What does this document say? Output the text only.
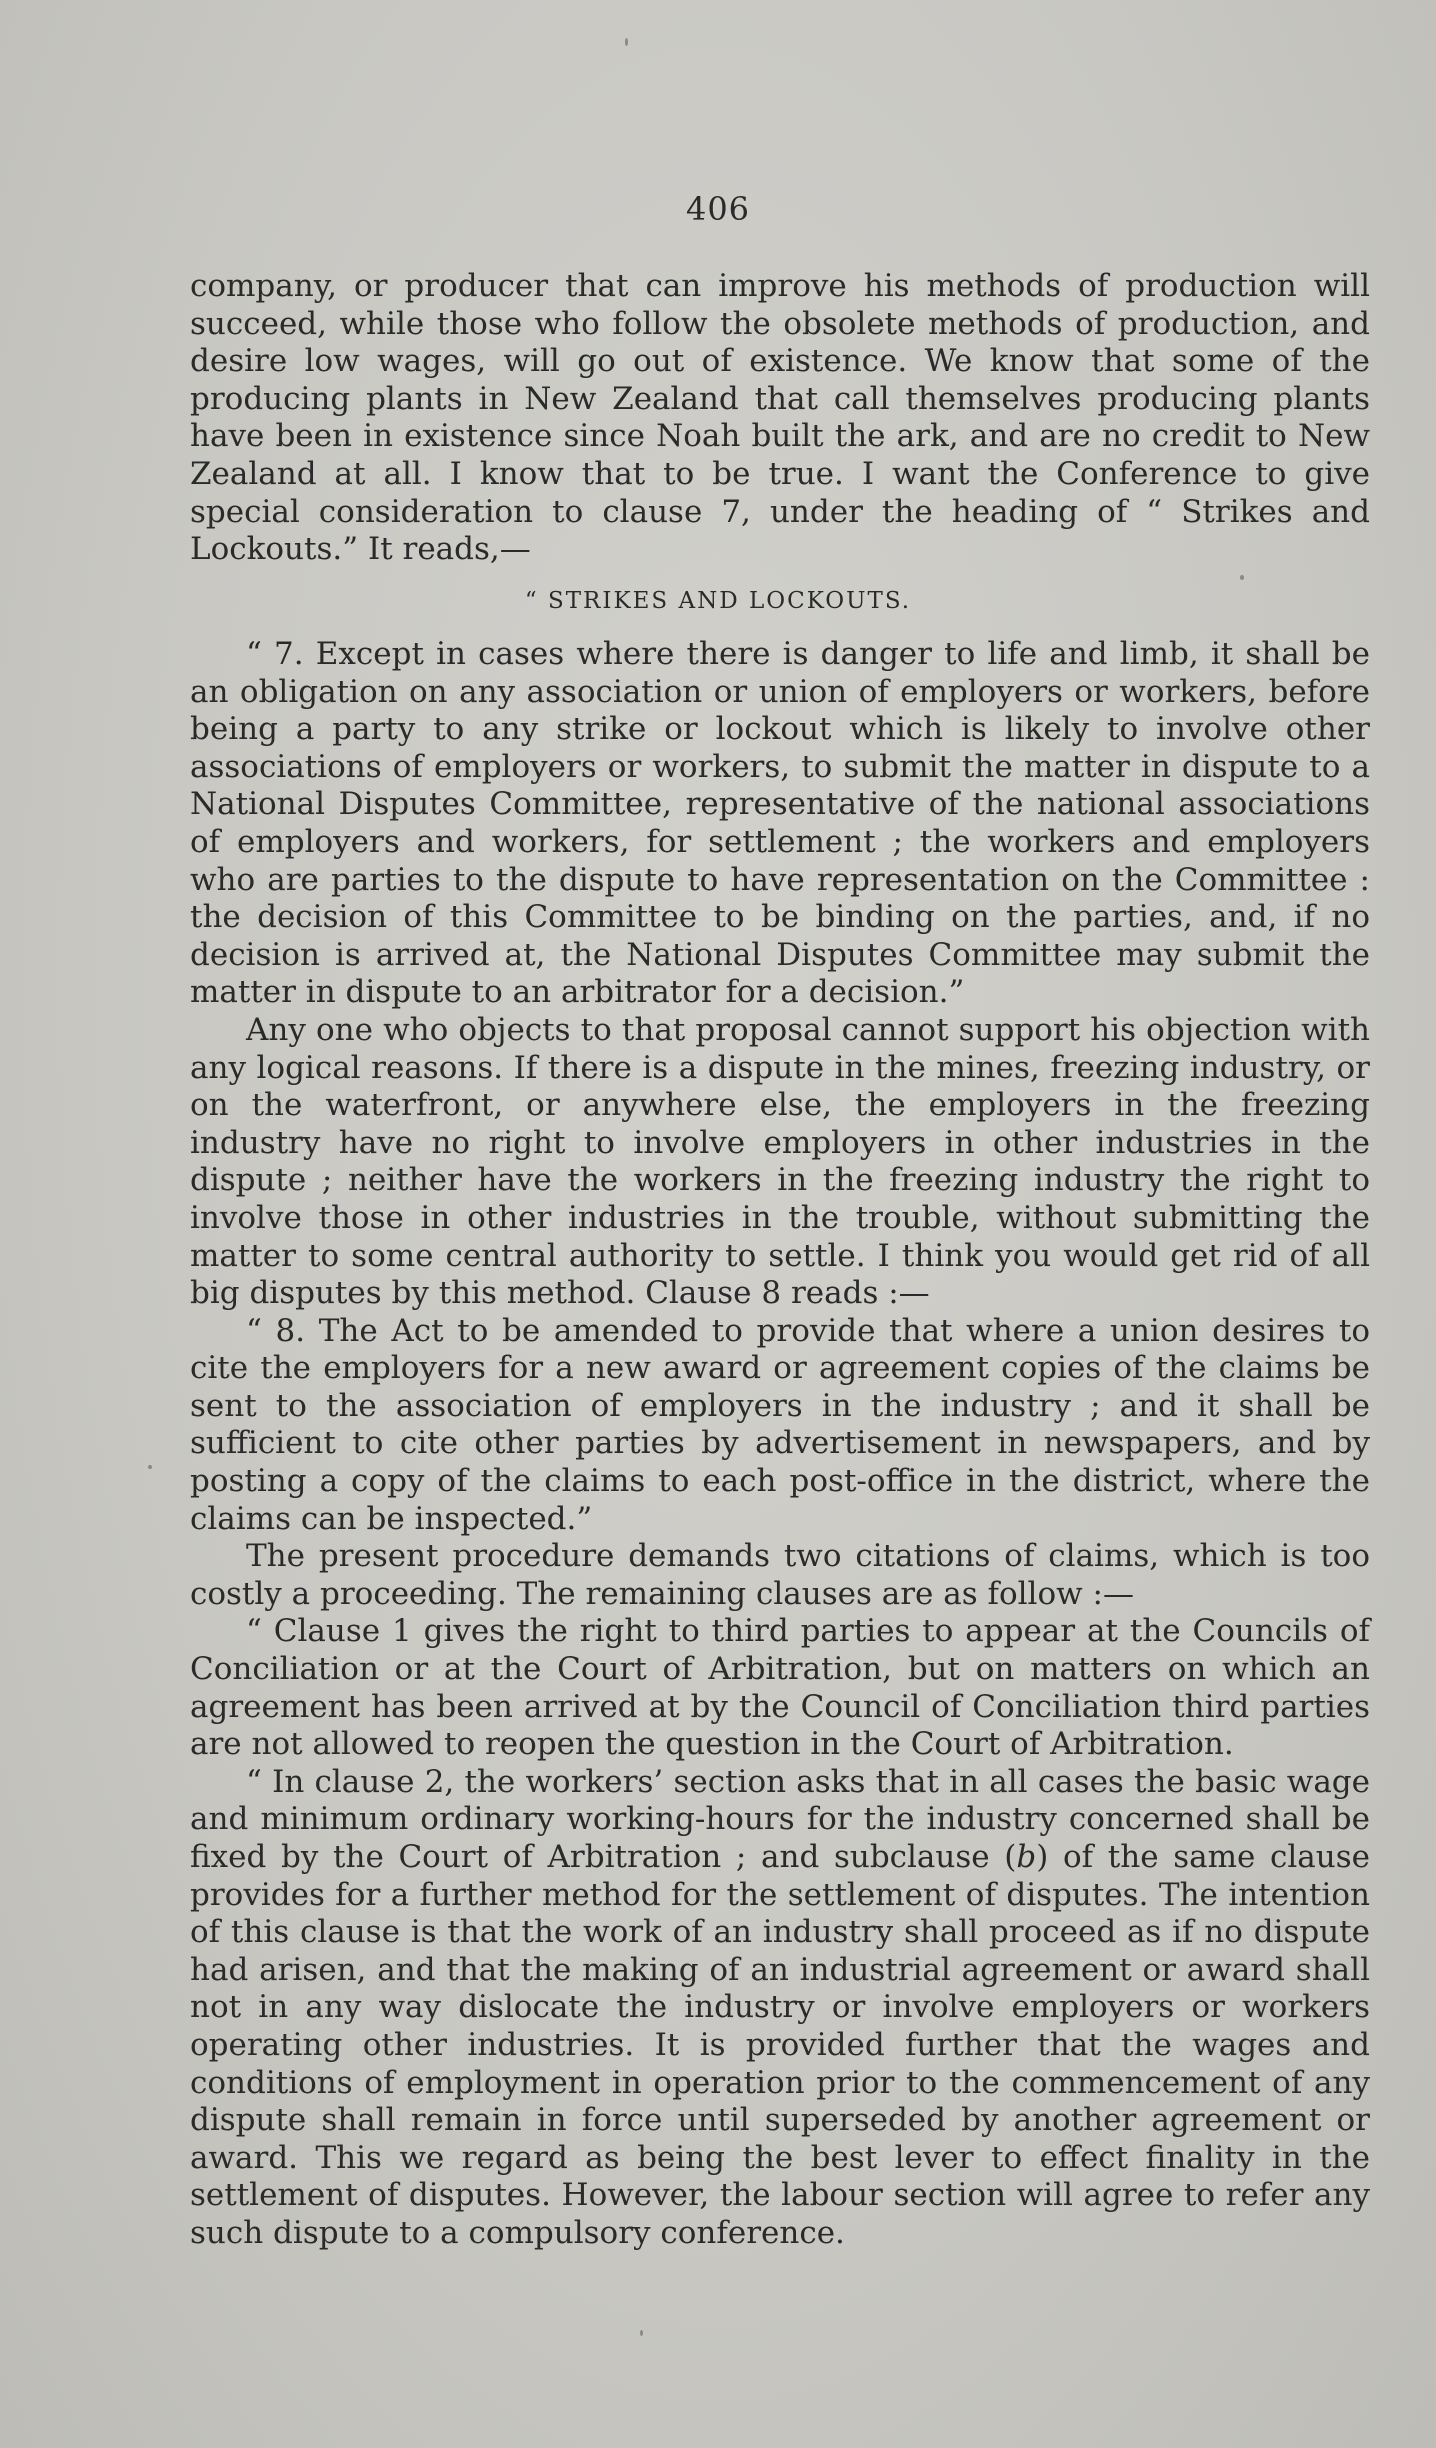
406

company, or producer that can improve his methods of production will succeed, while those who follow the obsolete methods of production, and desire low wages, will go out of existence. We know that some of the producing plants in New Zealand that call themselves producing plants have been in existence since Noah built the ark, and are no credit to New Zealand at all. I know that to be true. I want the Conference to give special consideration to clause 7, under the heading of “ Strikes and Lockouts.” It reads,—

“ STRIKES AND LOCKOUTS.

“ 7. Except in cases where there is danger to life and limb, it shall be an obligation on any association or union of employers or workers, before being a party to any strike or lockout which is likely to involve other associations of employers or workers, to submit the matter in dispute to a National Disputes Committee, representative of the national associations of employers and workers, for settlement ; the workers and employers who are parties to the dispute to have representation on the Committee : the decision of this Committee to be binding on the parties, and, if no decision is arrived at, the National Disputes Committee may submit the matter in dispute to an arbitrator for a decision.”

Any one who objects to that proposal cannot support his objection with any logical reasons. If there is a dispute in the mines, freezing industry, or on the waterfront, or anywhere else, the employers in the freezing industry have no right to involve employers in other industries in the dispute ; neither have the workers in the freezing industry the right to involve those in other industries in the trouble, without submitting the matter to some central authority to settle. I think you would get rid of all big disputes by this method. Clause 8 reads :—

“ 8. The Act to be amended to provide that where a union desires to cite the employers for a new award or agreement copies of the claims be sent to the association of employers in the industry ; and it shall be sufficient to cite other parties by advertisement in newspapers, and by posting a copy of the claims to each post-office in the district, where the claims can be inspected.”

The present procedure demands two citations of claims, which is too costly a proceeding. The remaining clauses are as follow :—

“ Clause 1 gives the right to third parties to appear at the Councils of Conciliation or at the Court of Arbitration, but on matters on which an agreement has been arrived at by the Council of Conciliation third parties are not allowed to reopen the question in the Court of Arbitration.

“ In clause 2, the workers’ section asks that in all cases the basic wage and minimum ordinary working-hours for the industry concerned shall be fixed by the Court of Arbitration ; and subclause (b) of the same clause provides for a further method for the settlement of disputes. The intention of this clause is that the work of an industry shall proceed as if no dispute had arisen, and that the making of an industrial agreement or award shall not in any way dislocate the industry or involve employers or workers operating other industries. It is provided further that the wages and conditions of employment in operation prior to the commencement of any dispute shall remain in force until superseded by another agreement or award. This we regard as being the best lever to effect finality in the settlement of disputes. However, the labour section will agree to refer any such dispute to a compulsory conference.
